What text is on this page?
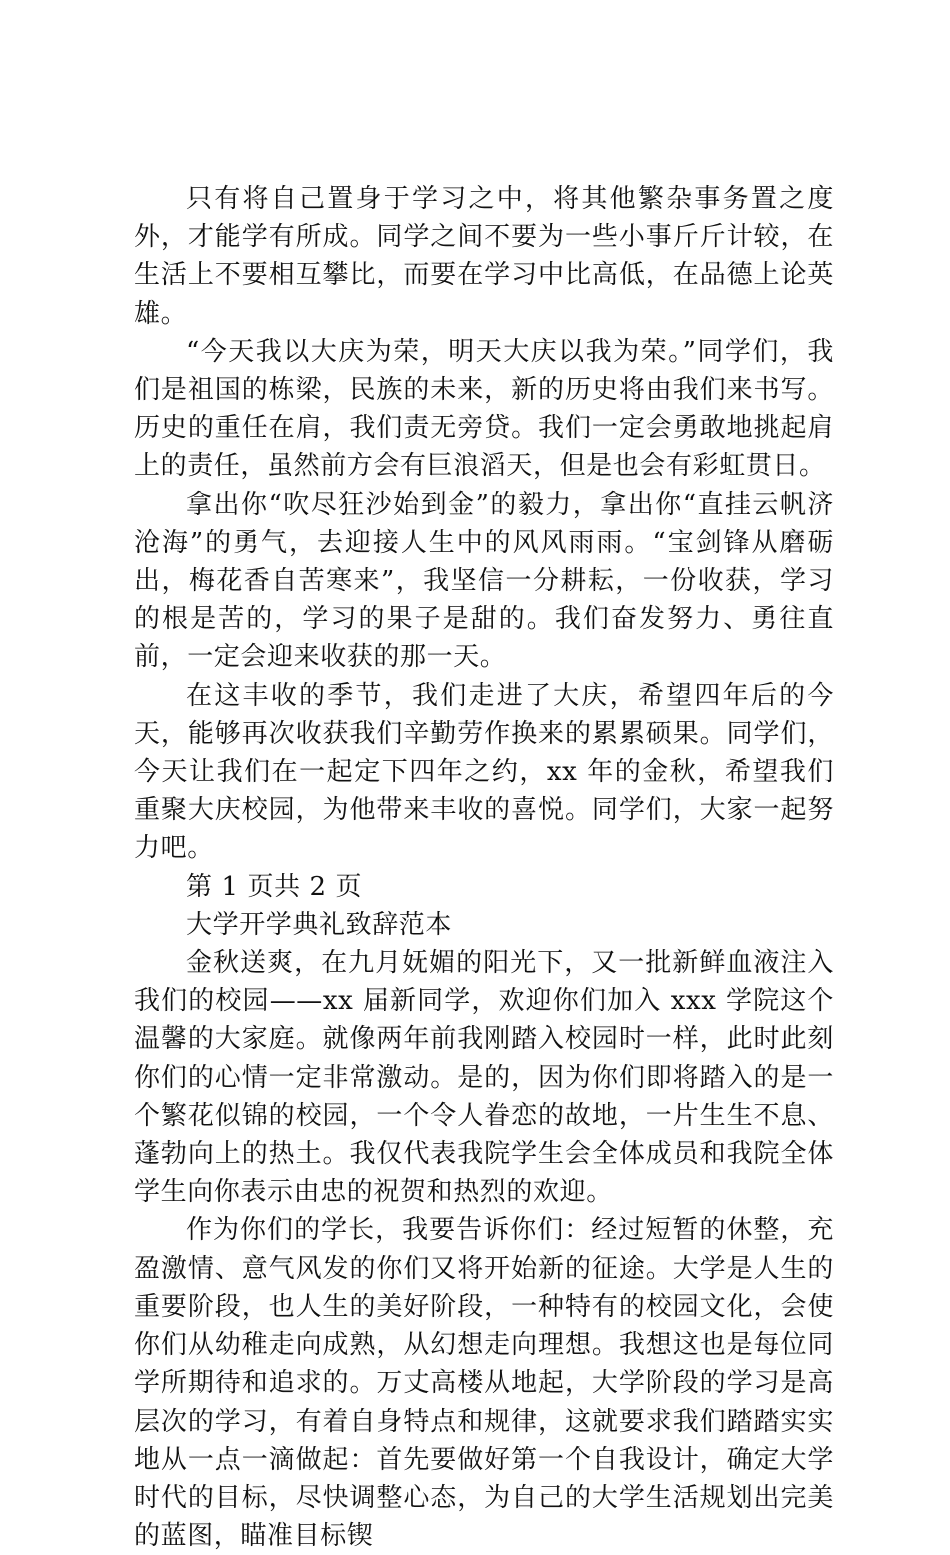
只有将自己置身于学习之中，将其他繁杂事务置之度外，才能学有所成。同学之间不要为一些小事斤斤计较，在生活上不要相互攀比，而要在学习中比高低，在品德上论英雄。

“今天我以大庆为荣，明天大庆以我为荣。”同学们，我们是祖国的栋梁，民族的未来，新的历史将由我们来书写。历史的重任在肩，我们责无旁贷。我们一定会勇敢地挑起肩上的责任，虽然前方会有巨浪滔天，但是也会有彩虹贯日。

拿出你“吹尽狂沙始到金”的毅力，拿出你“直挂云帆济沧海”的勇气，去迎接人生中的风风雨雨。“宝剑锋从磨砺出，梅花香自苦寒来”，我坚信一分耕耘，一份收获，学习的根是苦的，学习的果子是甜的。我们奋发努力、勇往直前，一定会迎来收获的那一天。

在这丰收的季节，我们走进了大庆，希望四年后的今天，能够再次收获我们辛勤劳作换来的累累硕果。同学们，今天让我们在一起定下四年之约，xx 年的金秋，希望我们重聚大庆校园，为他带来丰收的喜悦。同学们，大家一起努力吧。

第 1 页共 2 页

大学开学典礼致辞范本

金秋送爽，在九月妩媚的阳光下，又一批新鲜血液注入我们的校园——xx 届新同学，欢迎你们加入 xxx 学院这个温馨的大家庭。就像两年前我刚踏入校园时一样，此时此刻你们的心情一定非常激动。是的，因为你们即将踏入的是一个繁花似锦的校园，一个令人眷恋的故地，一片生生不息、蓬勃向上的热土。我仅代表我院学生会全体成员和我院全体学生向你表示由忠的祝贺和热烈的欢迎。

作为你们的学长，我要告诉你们：经过短暂的休整，充盈激情、意气风发的你们又将开始新的征途。大学是人生的重要阶段，也人生的美好阶段，一种特有的校园文化，会使你们从幼稚走向成熟，从幻想走向理想。我想这也是每位同学所期待和追求的。万丈高楼从地起，大学阶段的学习是高层次的学习，有着自身特点和规律，这就要求我们踏踏实实地从一点一滴做起：首先要做好第一个自我设计，确定大学时代的目标，尽快调整心态，为自己的大学生活规划出完美的蓝图，瞄准目标锲
